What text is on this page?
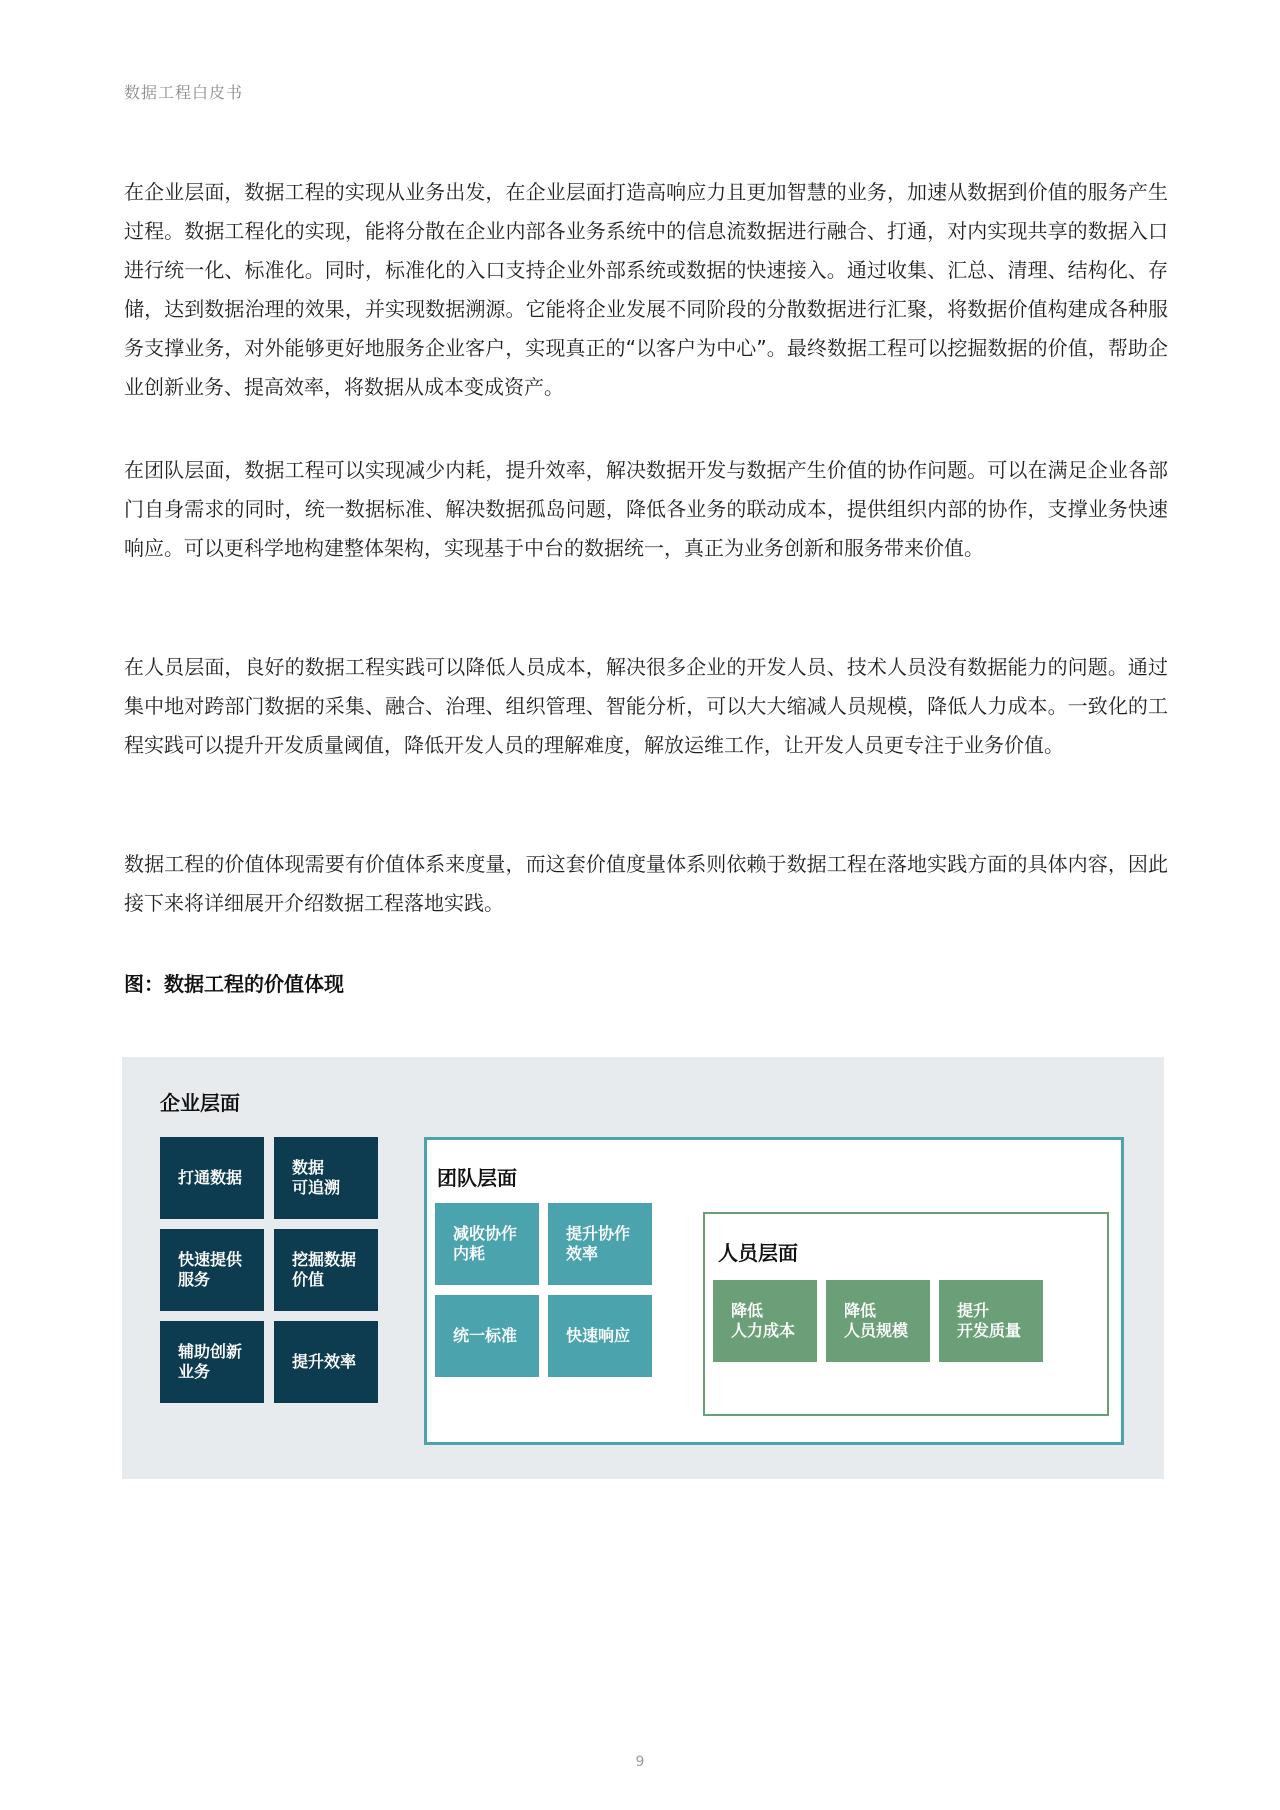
数据工程白皮书

在企业层面，数据工程的实现从业务出发，在企业层面打造高响应力且更加智慧的业务，加速从数据到价值的服务产生过程。数据工程化的实现，能将分散在企业内部各业务系统中的信息流数据进行融合、打通，对内实现共享的数据入口进行统一化、标准化。同时，标准化的入口支持企业外部系统或数据的快速接入。通过收集、汇总、清理、结构化、存储，达到数据治理的效果，并实现数据溯源。它能将企业发展不同阶段的分散数据进行汇聚，将数据价值构建成各种服务支撑业务，对外能够更好地服务企业客户，实现真正的“以客户为中心”。最终数据工程可以挖掘数据的价值，帮助企业创新业务、提高效率，将数据从成本变成资产。

在团队层面，数据工程可以实现减少内耗，提升效率，解决数据开发与数据产生价值的协作问题。可以在满足企业各部门自身需求的同时，统一数据标准、解决数据孤岛问题，降低各业务的联动成本，提供组织内部的协作，支撑业务快速响应。可以更科学地构建整体架构，实现基于中台的数据统一，真正为业务创新和服务带来价值。

在人员层面，良好的数据工程实践可以降低人员成本，解决很多企业的开发人员、技术人员没有数据能力的问题。通过集中地对跨部门数据的采集、融合、治理、组织管理、智能分析，可以大大缩减人员规模，降低人力成本。一致化的工程实践可以提升开发质量阈值，降低开发人员的理解难度，解放运维工作，让开发人员更专注于业务价值。

数据工程的价值体现需要有价值体系来度量，而这套价值度量体系则依赖于数据工程在落地实践方面的具体内容，因此接下来将详细展开介绍数据工程落地实践。

图：数据工程的价值体现
企业层面
打通数据
数据
可追溯
快速提供
服务
挖掘数据
价值
辅助创新
业务
提升效率
团队层面
减收协作
内耗
提升协作
效率
统一标准	快速响应
人员层面
降低
人力成本
降低
人员规模
提升
开发质量
9
